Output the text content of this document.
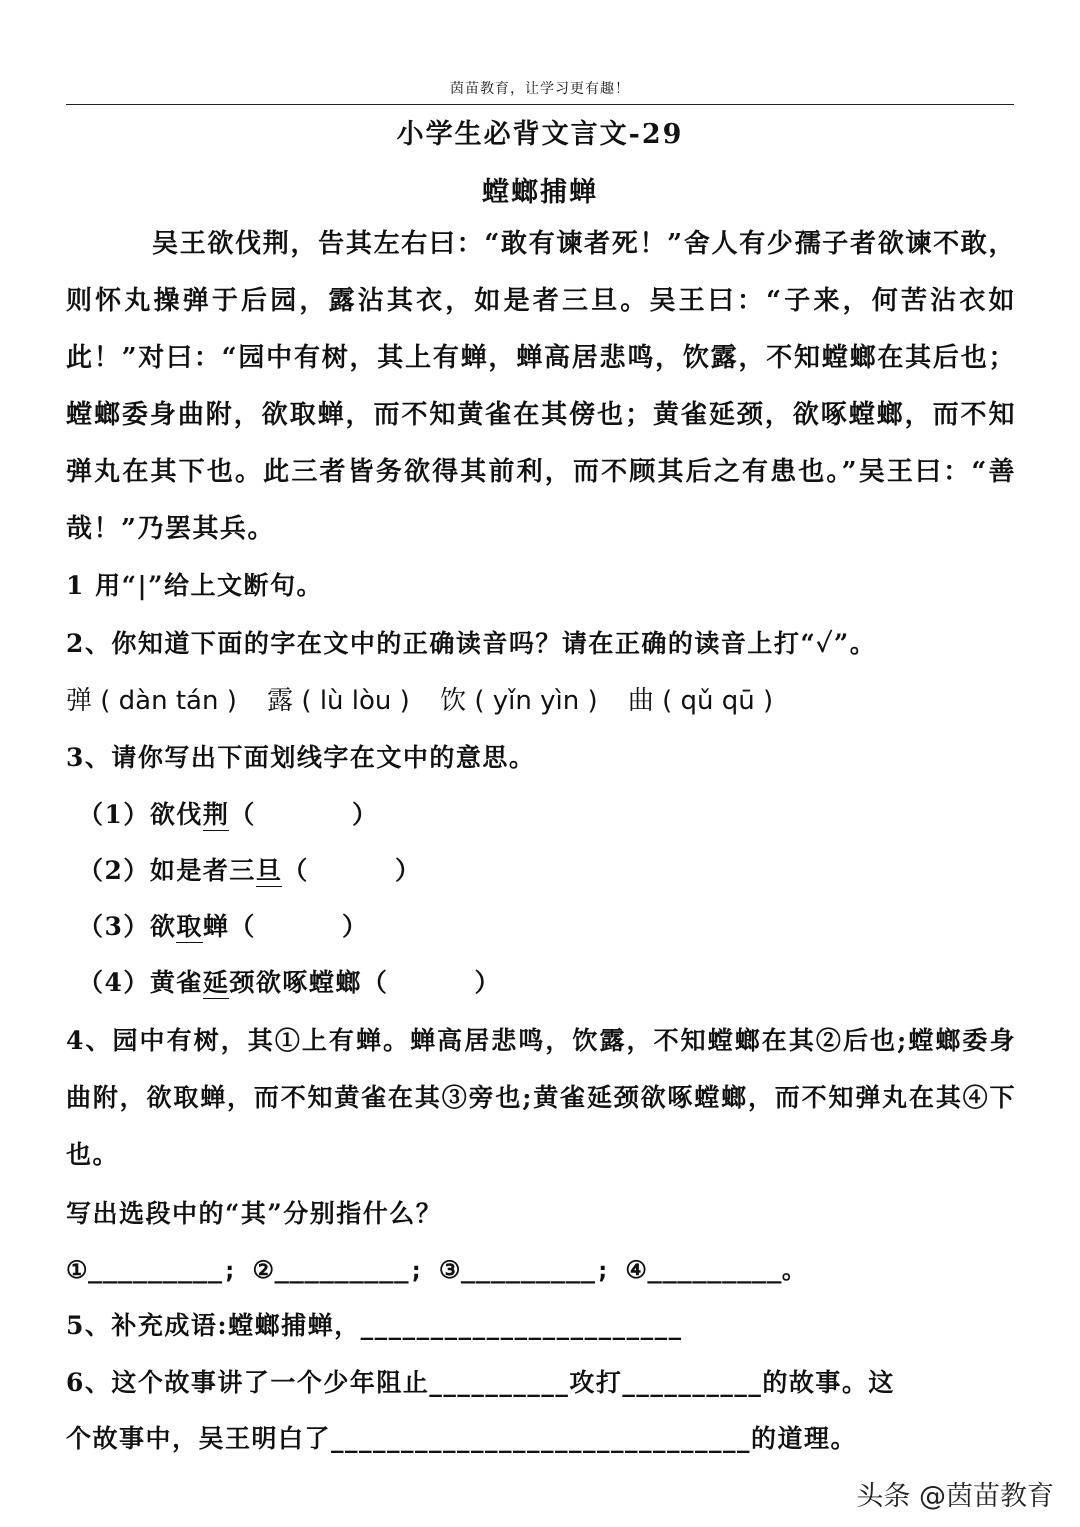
茵苗教育，让学习更有趣！
小学生必背文言文-29
螳螂捕蝉
吴王欲伐荆，告其左右曰：“敢有谏者死！”舍人有少孺子者欲谏不敢，则怀丸操弹于后园，露沾其衣，如是者三旦。吴王曰：“子来，何苦沾衣如此！”对曰：“园中有树，其上有蝉，蝉高居悲鸣，饮露，不知螳螂在其后也；螳螂委身曲附，欲取蝉，而不知黄雀在其傍也；黄雀延颈，欲啄螳螂，而不知弹丸在其下也。此三者皆务欲得其前利，而不顾其后之有患也。”吴王曰：“善哉！”乃罢其兵。
1 用“|”给上文断句。
2、你知道下面的字在文中的正确读音吗？请在正确的读音上打“✓”。
弹 ( dàn tán ) 露 ( lù lòu ) 饮 ( yǐn yìn ) 曲 ( qǔ qū )
3、请你写出下面划线字在文中的意思。
（1）欲伐荆（	）
（2）如是者三旦（	）
（3）欲取蝉（	）
（4）黄雀延颈欲啄螳螂（	）
4、园中有树，其①上有蝉。蝉高居悲鸣，饮露，不知螳螂在其②后也;螳螂委身曲附，欲取蝉，而不知黄雀在其③旁也;黄雀延颈欲啄螳螂，而不知弹丸在其④下也。
写出选段中的“其”分别指什么？
①_________; ②_________; ③_________; ④_________。
5、补充成语:螳螂捕蝉，_______________________
6、这个故事讲了一个少年阻止__________攻打__________的故事。这
个故事中，吴王明白了______________________________的道理。
头条 @茵苗教育
